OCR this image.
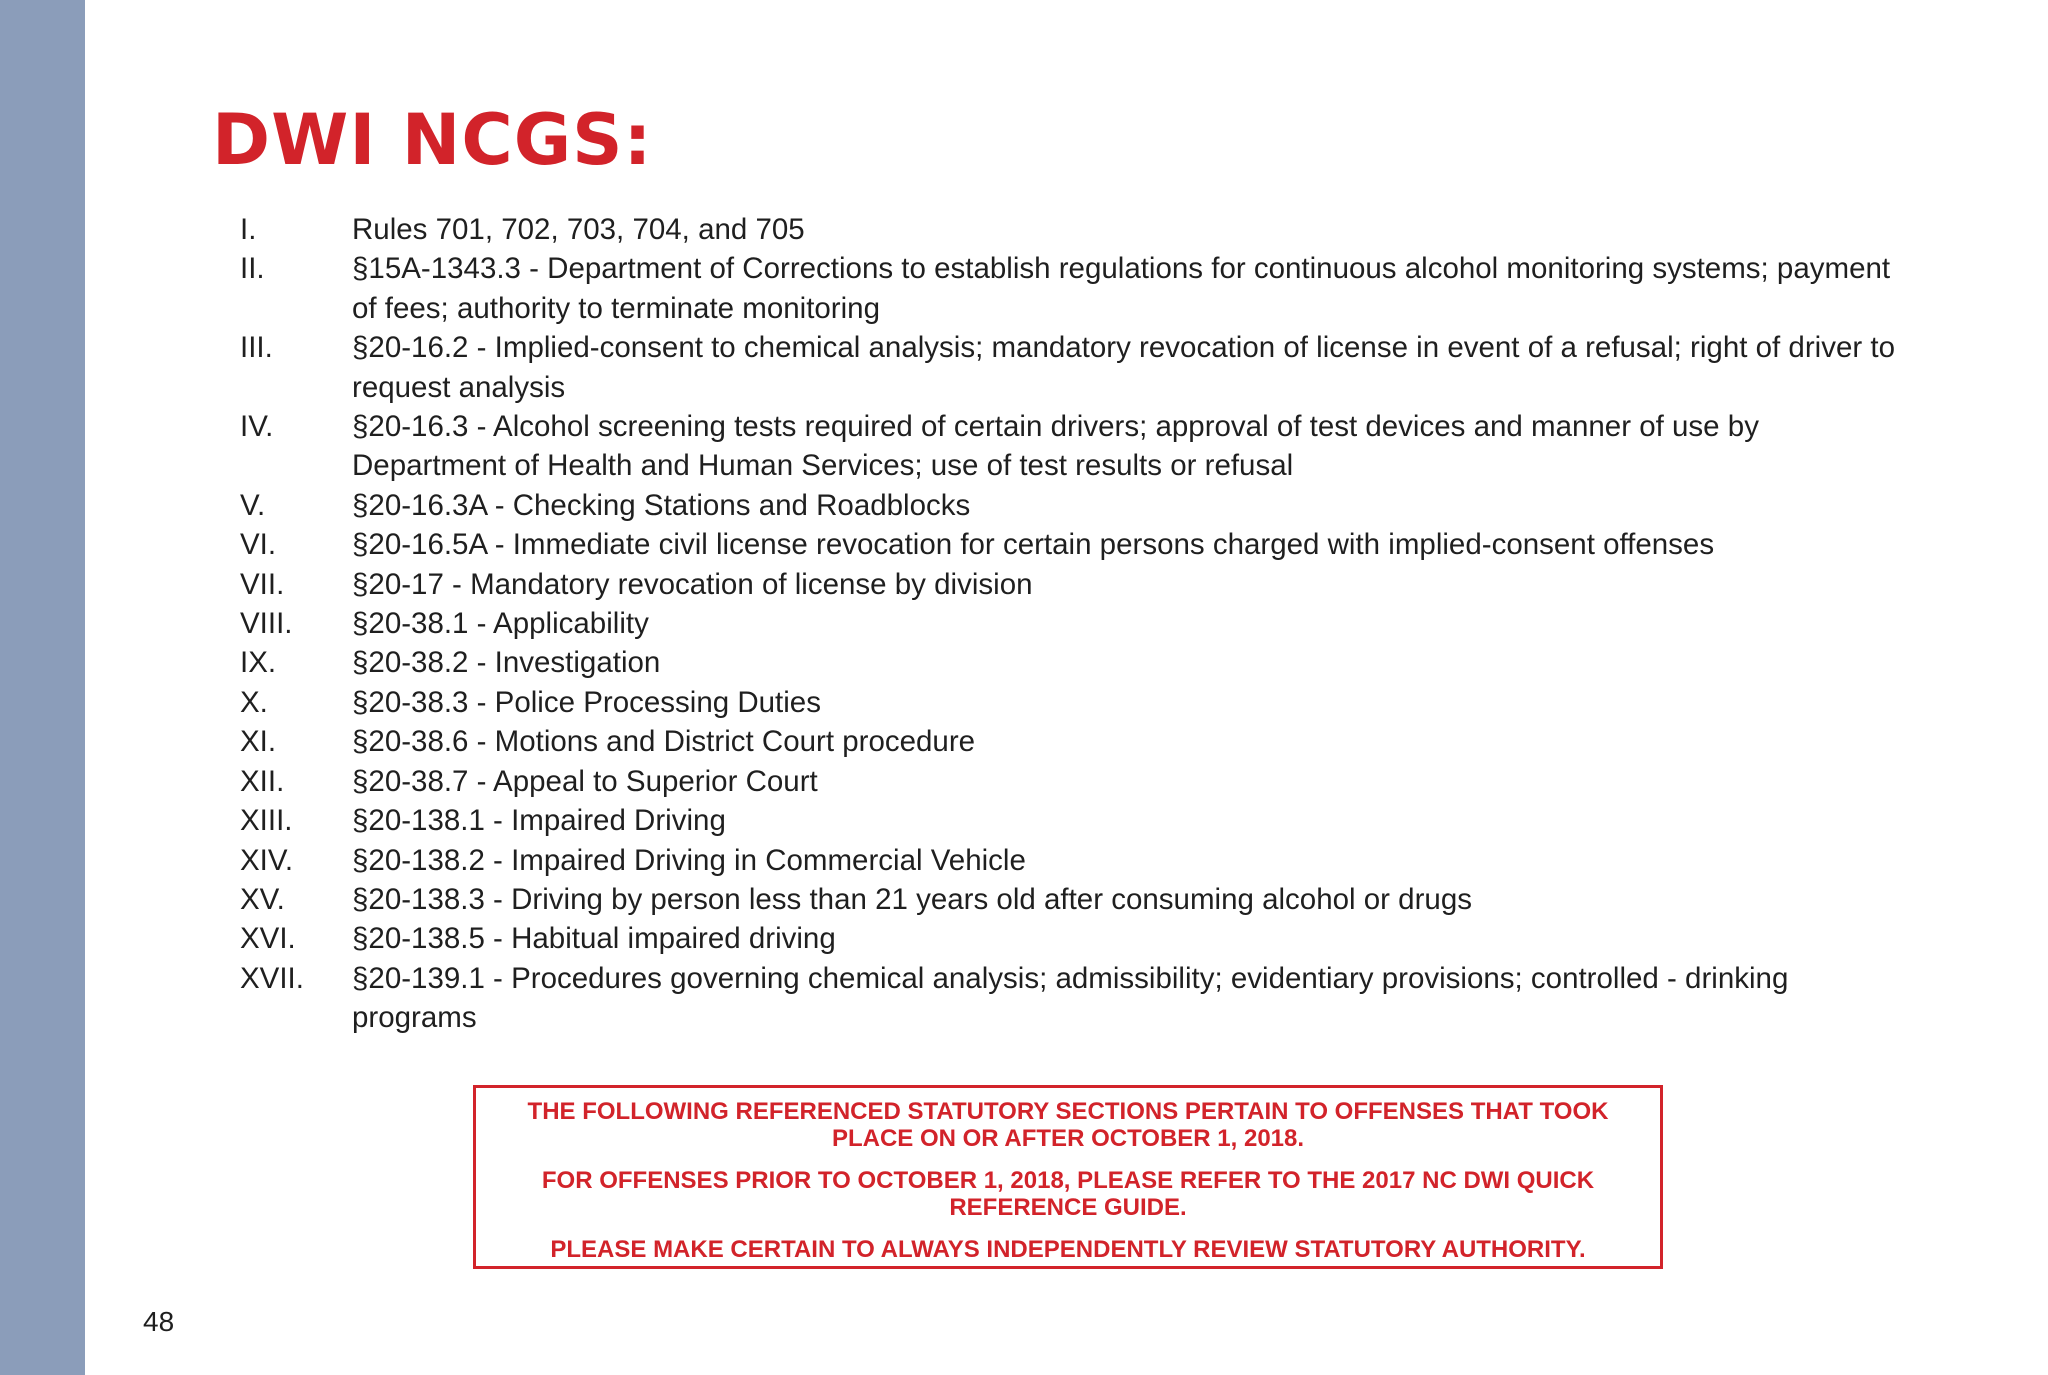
DWI NCGS:
I.	Rules 701, 702, 703, 704, and 705
II.	§15A-1343.3 - Department of Corrections to establish regulations for continuous alcohol monitoring systems; payment of fees; authority to terminate monitoring
III.	§20-16.2 - Implied-consent to chemical analysis; mandatory revocation of license in event of a refusal; right of driver to request analysis
IV.	§20-16.3 - Alcohol screening tests required of certain drivers; approval of test devices and manner of use by Department of Health and Human Services; use of test results or refusal
V.	§20-16.3A - Checking Stations and Roadblocks
VI.	§20-16.5A - Immediate civil license revocation for certain persons charged with implied-consent offenses
VII.	§20-17 - Mandatory revocation of license by division
VIII.	§20-38.1 - Applicability
IX.	§20-38.2 - Investigation
X.	§20-38.3 - Police Processing Duties
XI.	§20-38.6 - Motions and District Court procedure
XII.	§20-38.7 - Appeal to Superior Court
XIII.	§20-138.1 - Impaired Driving
XIV.	§20-138.2 - Impaired Driving in Commercial Vehicle
XV.	§20-138.3 - Driving by person less than 21 years old after consuming alcohol or drugs
XVI.	§20-138.5 - Habitual impaired driving
XVII.	§20-139.1 - Procedures governing chemical analysis; admissibility; evidentiary provisions; controlled - drinking programs

THE FOLLOWING REFERENCED STATUTORY SECTIONS PERTAIN TO OFFENSES THAT TOOK PLACE ON OR AFTER OCTOBER 1, 2018.

FOR OFFENSES PRIOR TO OCTOBER 1, 2018, PLEASE REFER TO THE 2017 NC DWI QUICK REFERENCE GUIDE.

PLEASE MAKE CERTAIN TO ALWAYS INDEPENDENTLY REVIEW STATUTORY AUTHORITY.

48
